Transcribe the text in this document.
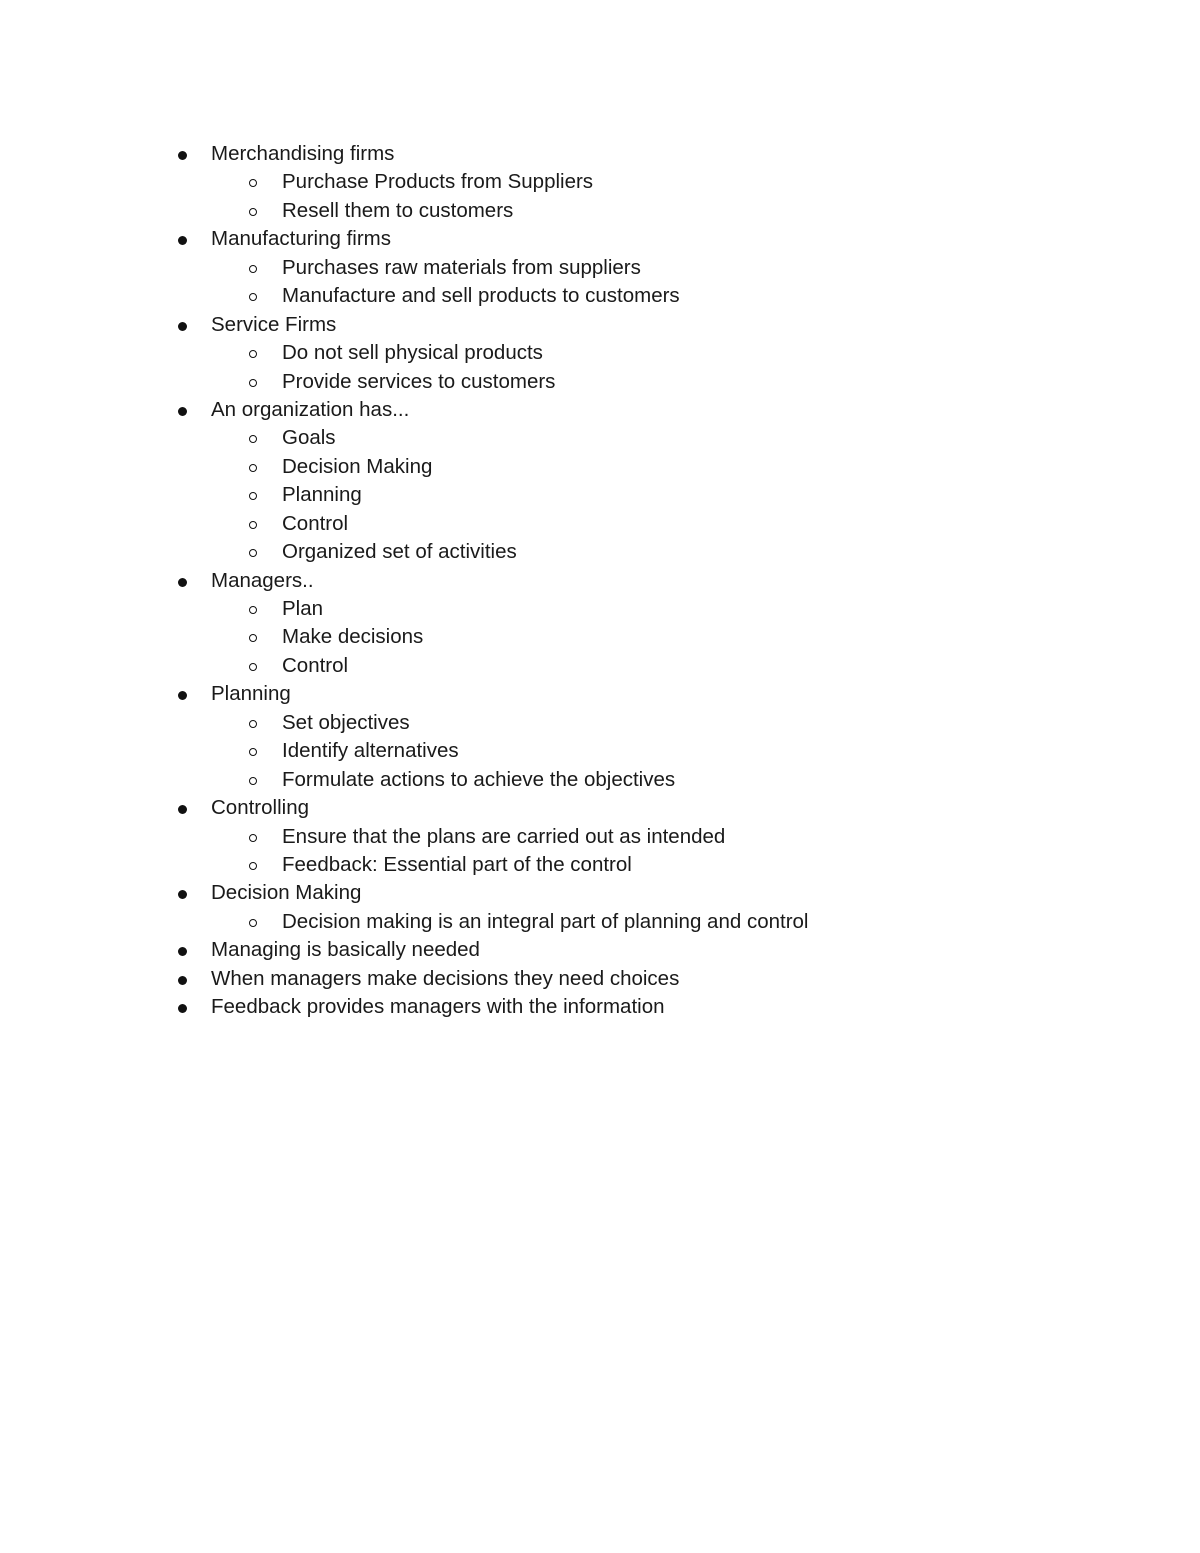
Merchandising firms
Purchase Products from Suppliers
Resell them to customers
Manufacturing firms
Purchases raw materials from suppliers
Manufacture and sell products to customers
Service Firms
Do not sell physical products
Provide services to customers
An organization has...
Goals
Decision Making
Planning
Control
Organized set of activities
Managers..
Plan
Make decisions
Control
Planning
Set objectives
Identify alternatives
Formulate actions to achieve the objectives
Controlling
Ensure that the plans are carried out as intended
Feedback: Essential part of the control
Decision Making
Decision making is an integral part of planning and control
Managing is basically needed
When managers make decisions they need choices
Feedback provides managers with the information
